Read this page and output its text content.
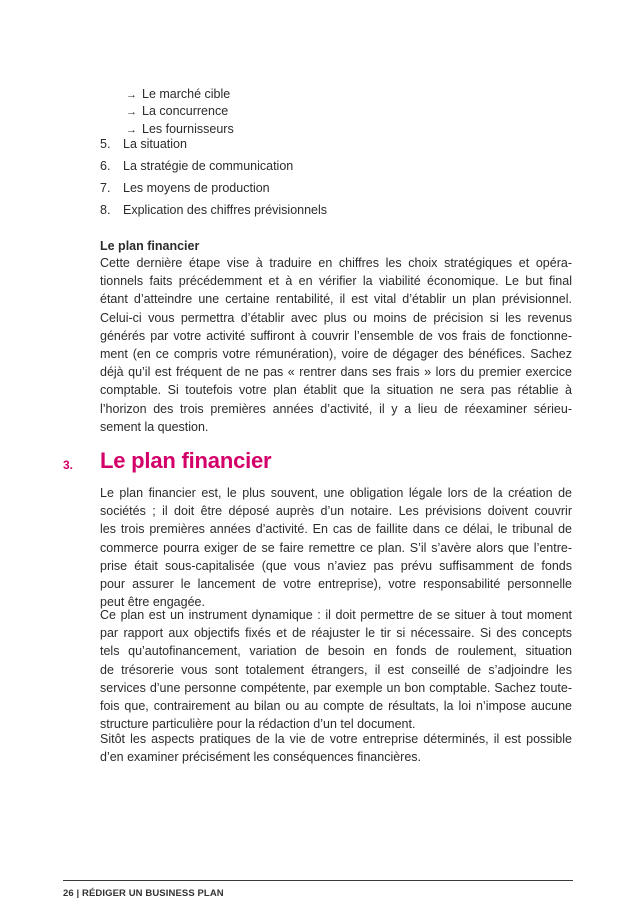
→ Le marché cible
→ La concurrence
→ Les fournisseurs
5. La situation
6. La stratégie de communication
7. Les moyens de production
8. Explication des chiffres prévisionnels
Le plan financier
Cette dernière étape vise à traduire en chiffres les choix stratégiques et opéra-
tionnels faits précédemment et à en vérifier la viabilité économique. Le but final
étant d’atteindre une certaine rentabilité, il est vital d’établir un plan prévisionnel.
Celui-ci vous permettra d’établir avec plus ou moins de précision si les revenus
générés par votre activité suffiront à couvrir l’ensemble de vos frais de fonctionne-
ment (en ce compris votre rémunération), voire de dégager des bénéfices. Sachez
déjà qu’il est fréquent de ne pas « rentrer dans ses frais » lors du premier exercice
comptable. Si toutefois votre plan établit que la situation ne sera pas rétablie à
l’horizon des trois premières années d’activité, il y a lieu de réexaminer sérieu-
sement la question.
3. Le plan financier
Le plan financier est, le plus souvent, une obligation légale lors de la création de
sociétés ; il doit être déposé auprès d’un notaire. Les prévisions doivent couvrir
les trois premières années d’activité. En cas de faillite dans ce délai, le tribunal de
commerce pourra exiger de se faire remettre ce plan. S’il s’avère alors que l’entre-
prise était sous-capitalisée (que vous n’aviez pas prévu suffisamment de fonds
pour assurer le lancement de votre entreprise), votre responsabilité personnelle
peut être engagée.
Ce plan est un instrument dynamique : il doit permettre de se situer à tout moment
par rapport aux objectifs fixés et de réajuster le tir si nécessaire. Si des concepts
tels qu’autofinancement, variation de besoin en fonds de roulement, situation
de trésorerie vous sont totalement étrangers, il est conseillé de s’adjoindre les
services d’une personne compétente, par exemple un bon comptable. Sachez toute-
fois que, contrairement au bilan ou au compte de résultats, la loi n’impose aucune
structure particulière pour la rédaction d’un tel document.
Sitôt les aspects pratiques de la vie de votre entreprise déterminés, il est possible
d’en examiner précisément les conséquences financières.
26 | RÉDIGER UN BUSINESS PLAN
